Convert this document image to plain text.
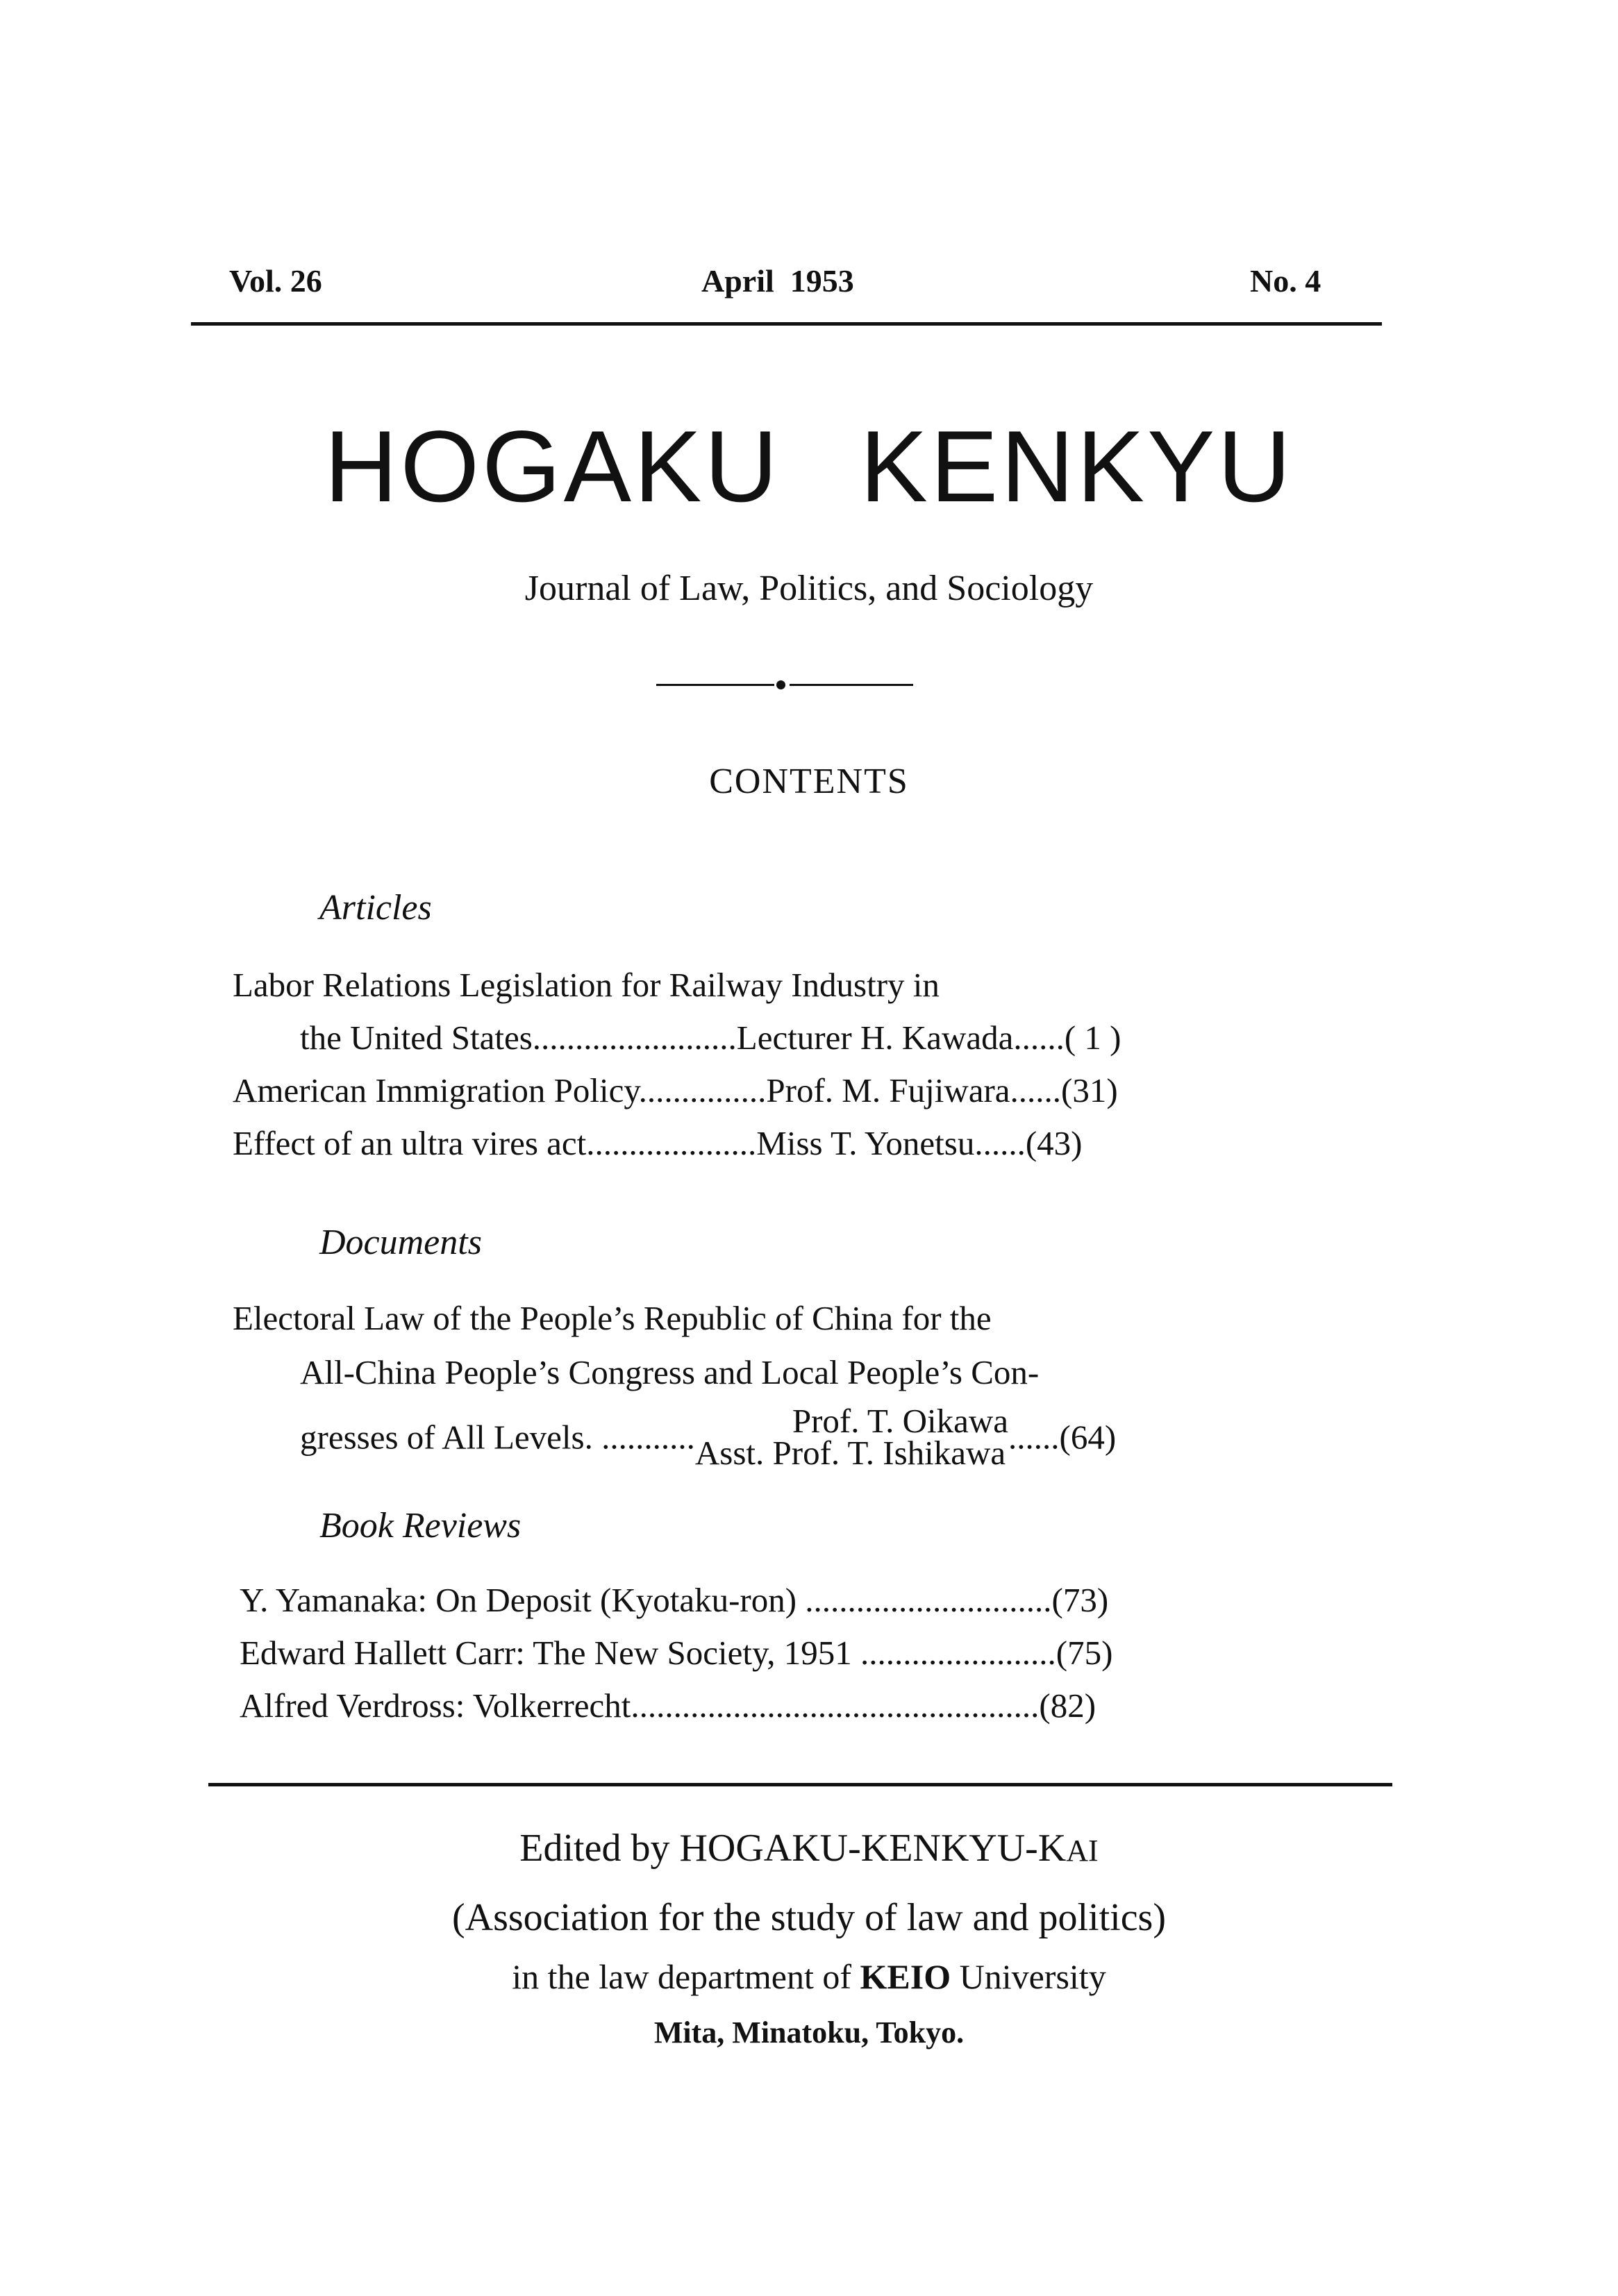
Vol. 26	April  1953	No. 4
HOGAKU KENKYU
Journal of Law, Politics, and Sociology
CONTENTS
Articles
Labor Relations Legislation for Railway Industry in
the United States........................Lecturer H. Kawada......( 1 )
American Immigration Policy...............Prof. M. Fujiwara......(31)
Effect of an ultra vires act....................Miss T. Yonetsu......(43)
Documents
Electoral Law of the People’s Republic of China for the
All-China People’s Congress and Local People’s Con-
gresses of All Levels. ...........	Prof. T. Oikawa
Asst. Prof. T. Ishikawa ......(64)
Book Reviews
Y. Yamanaka: On Deposit (Kyotaku-ron) .............................(73)
Edward Hallett Carr: The New Society, 1951 .......................(75)
Alfred Verdross: Volkerrecht................................................(82)
Edited by HOGAKU-KENKYU-KAI
(Association for the study of law and politics)
in the law department of KEIO University
Mita, Minatoku, Tokyo.
